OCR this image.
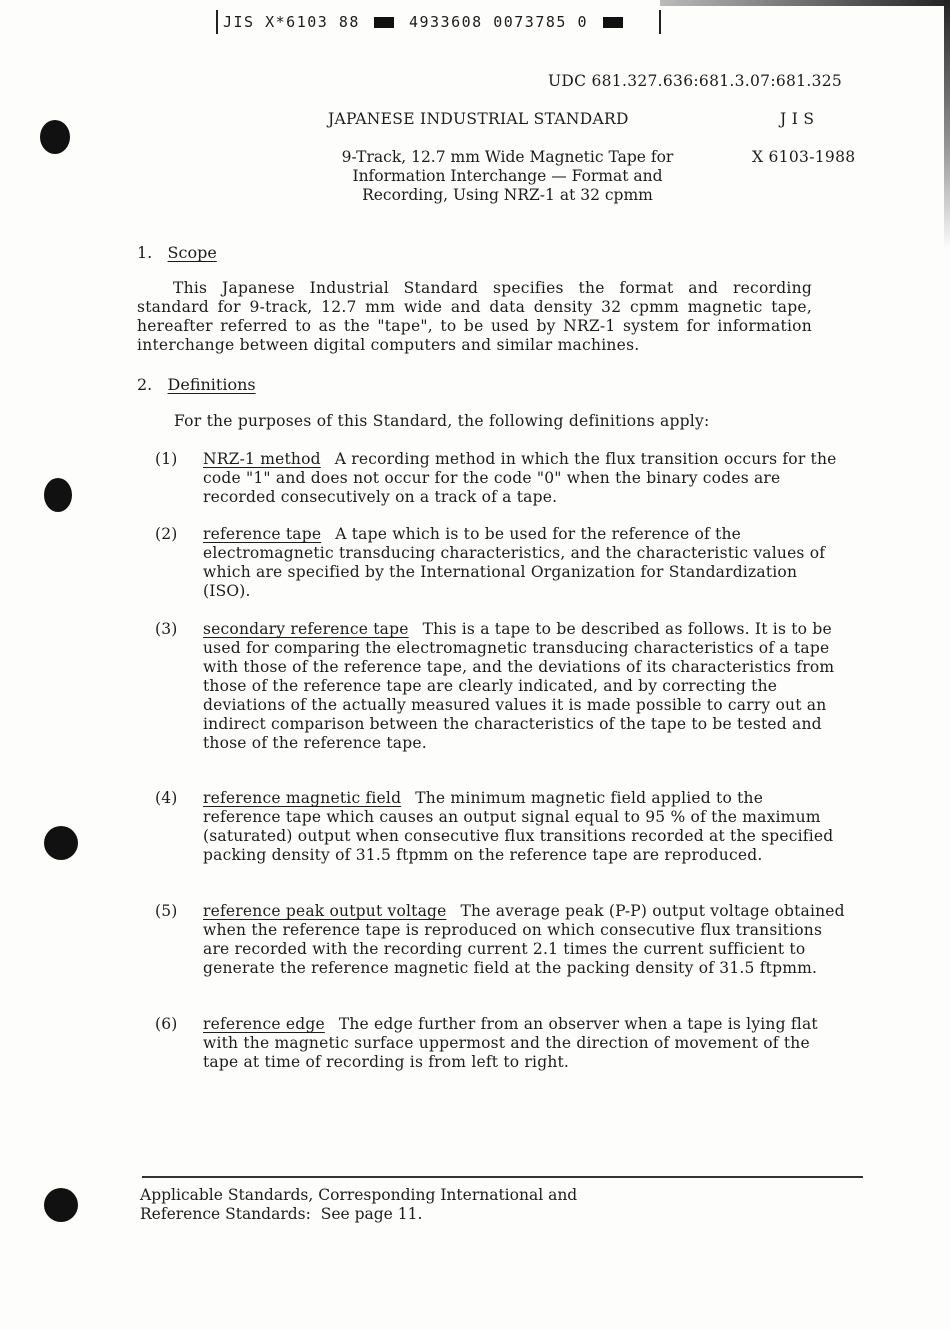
JIS X*6103 88	4933608 0073785 0
UDC 681.327.636:681.3.07:681.325
JAPANESE INDUSTRIAL STANDARD	J I S
X 6103-1988
9-Track, 12.7 mm Wide Magnetic Tape for
Information Interchange — Format and
Recording, Using NRZ-1 at 32 cpmm
1. Scope
This Japanese Industrial Standard specifies the format and recording standard for 9-track, 12.7 mm wide and data density 32 cpmm magnetic tape, hereafter referred to as the "tape", to be used by NRZ-1 system for information interchange between digital computers and similar machines.
2. Definitions
For the purposes of this Standard, the following definitions apply:
(1) NRZ-1 method A recording method in which the flux transition occurs for the code "1" and does not occur for the code "0" when the binary codes are recorded consecutively on a track of a tape.
(2) reference tape A tape which is to be used for the reference of the electromagnetic transducing characteristics, and the characteristic values of which are specified by the International Organization for Standardization (ISO).
(3) secondary reference tape This is a tape to be described as follows. It is to be used for comparing the electromagnetic transducing characteristics of a tape with those of the reference tape, and the deviations of its characteristics from those of the reference tape are clearly indicated, and by correcting the deviations of the actually measured values it is made possible to carry out an indirect comparison between the characteristics of the tape to be tested and those of the reference tape.
(4) reference magnetic field The minimum magnetic field applied to the reference tape which causes an output signal equal to 95 % of the maximum (saturated) output when consecutive flux transitions recorded at the specified packing density of 31.5 ftpmm on the reference tape are reproduced.
(5) reference peak output voltage The average peak (P-P) output voltage obtained when the reference tape is reproduced on which consecutive flux transitions are recorded with the recording current 2.1 times the current sufficient to generate the reference magnetic field at the packing density of 31.5 ftpmm.
(6) reference edge The edge further from an observer when a tape is lying flat with the magnetic surface uppermost and the direction of movement of the tape at time of recording is from left to right.
Applicable Standards, Corresponding International and
Reference Standards:  See page 11.
